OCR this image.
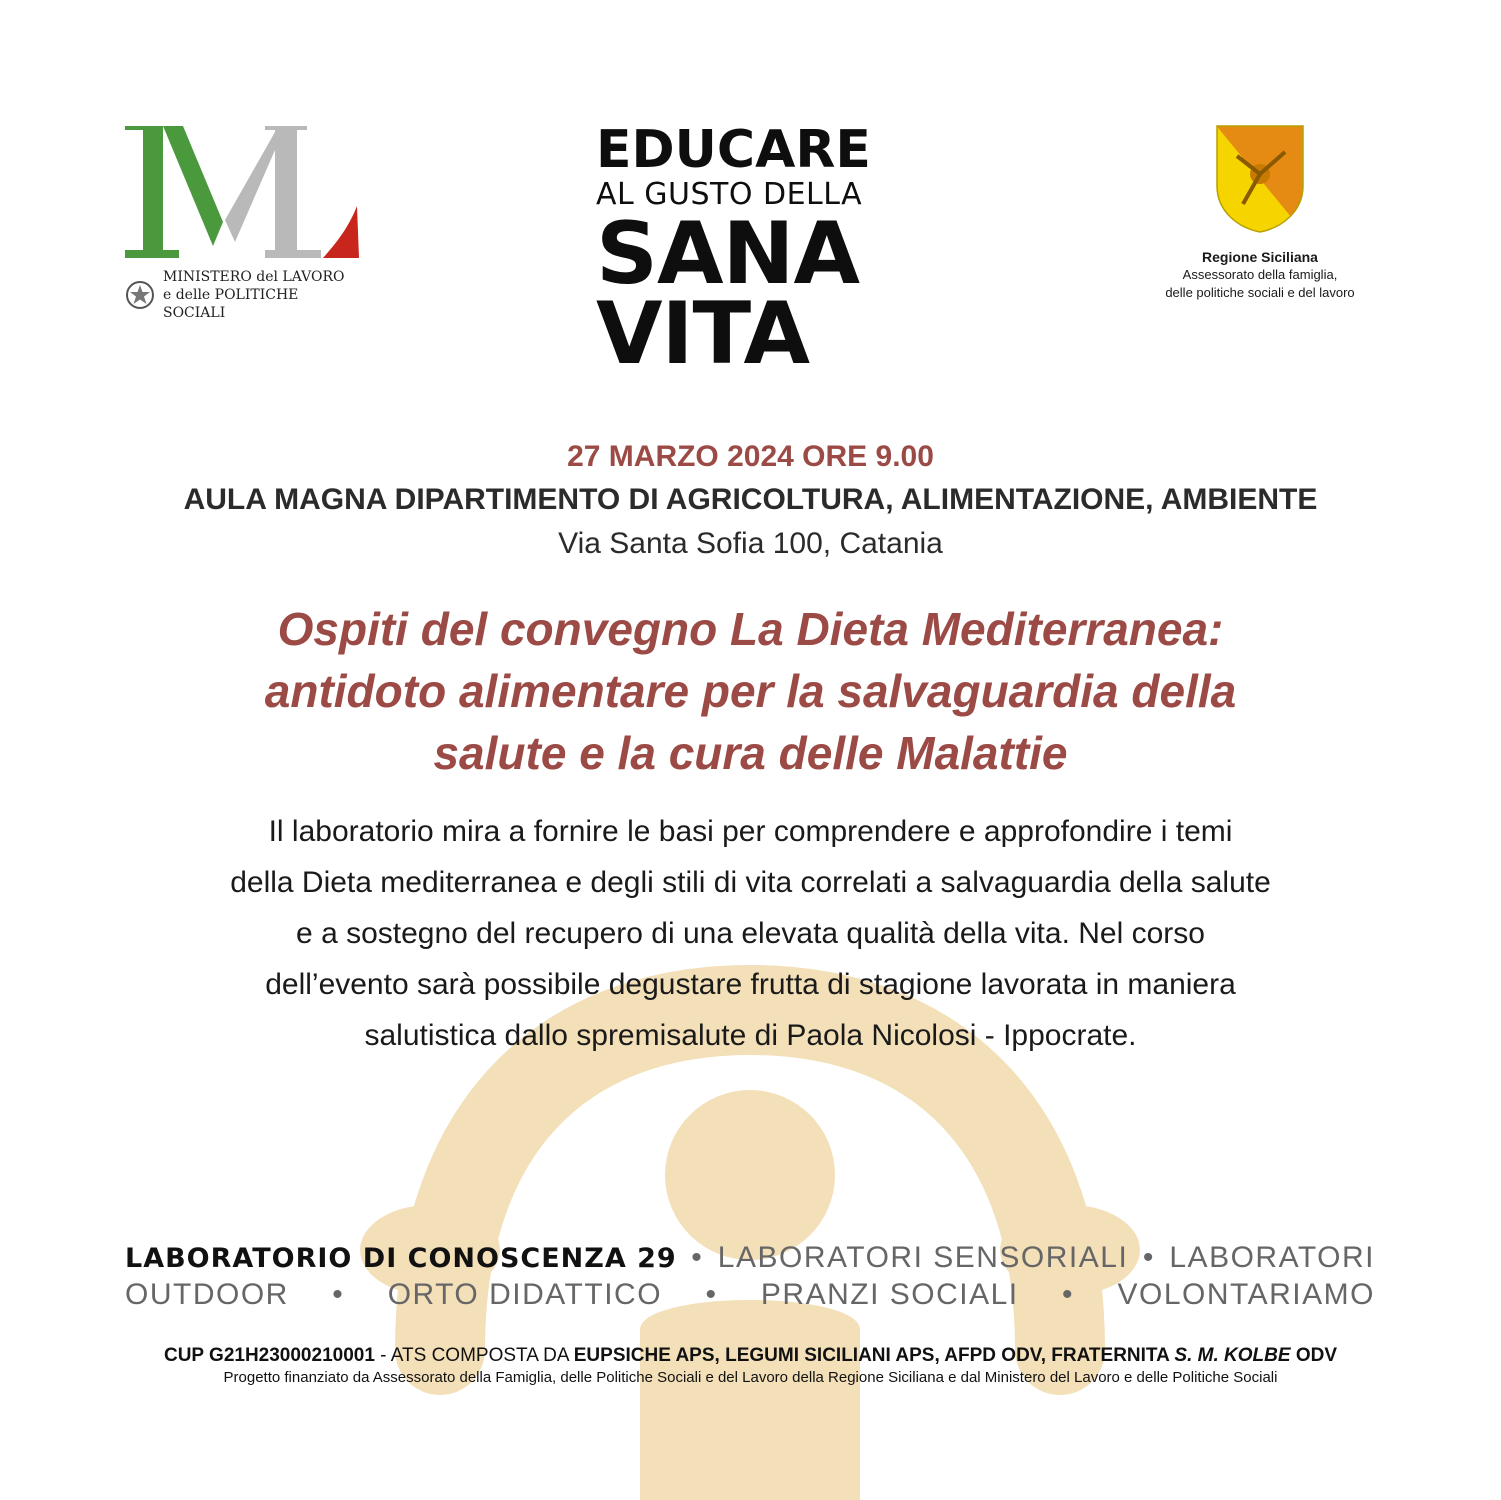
MINISTERO del LAVORO
e delle POLITICHE SOCIALI
EDUCARE
AL GUSTO DELLA
SANA
VITA
Regione Siciliana
Assessorato della famiglia,
delle politiche sociali e del lavoro
27 MARZO 2024 ORE 9.00
AULA MAGNA DIPARTIMENTO DI AGRICOLTURA, ALIMENTAZIONE, AMBIENTE
Via Santa Sofia 100, Catania
Ospiti del convegno La Dieta Mediterranea:
antidoto alimentare per la salvaguardia della
salute e la cura delle Malattie
Il laboratorio mira a fornire le basi per comprendere e approfondire i temi
della Dieta mediterranea e degli stili di vita correlati a salvaguardia della salute
e a sostegno del recupero di una elevata qualità della vita. Nel corso
dell’evento sarà possibile degustare frutta di stagione lavorata in maniera
salutistica dallo spremisalute di Paola Nicolosi - Ippocrate.
LABORATORIO DI CONOSCENZA 29 • LABORATORI SENSORIALI • LABORATORI
OUTDOOR • ORTO DIDATTICO • PRANZI SOCIALI • VOLONTARIAMO
CUP G21H23000210001 - ATS COMPOSTA DA EUPSICHE APS, LEGUMI SICILIANI APS, AFPD ODV, FRATERNITA S. M. KOLBE ODV
Progetto finanziato da Assessorato della Famiglia, delle Politiche Sociali e del Lavoro della Regione Siciliana e dal Ministero del Lavoro e delle Politiche Sociali
